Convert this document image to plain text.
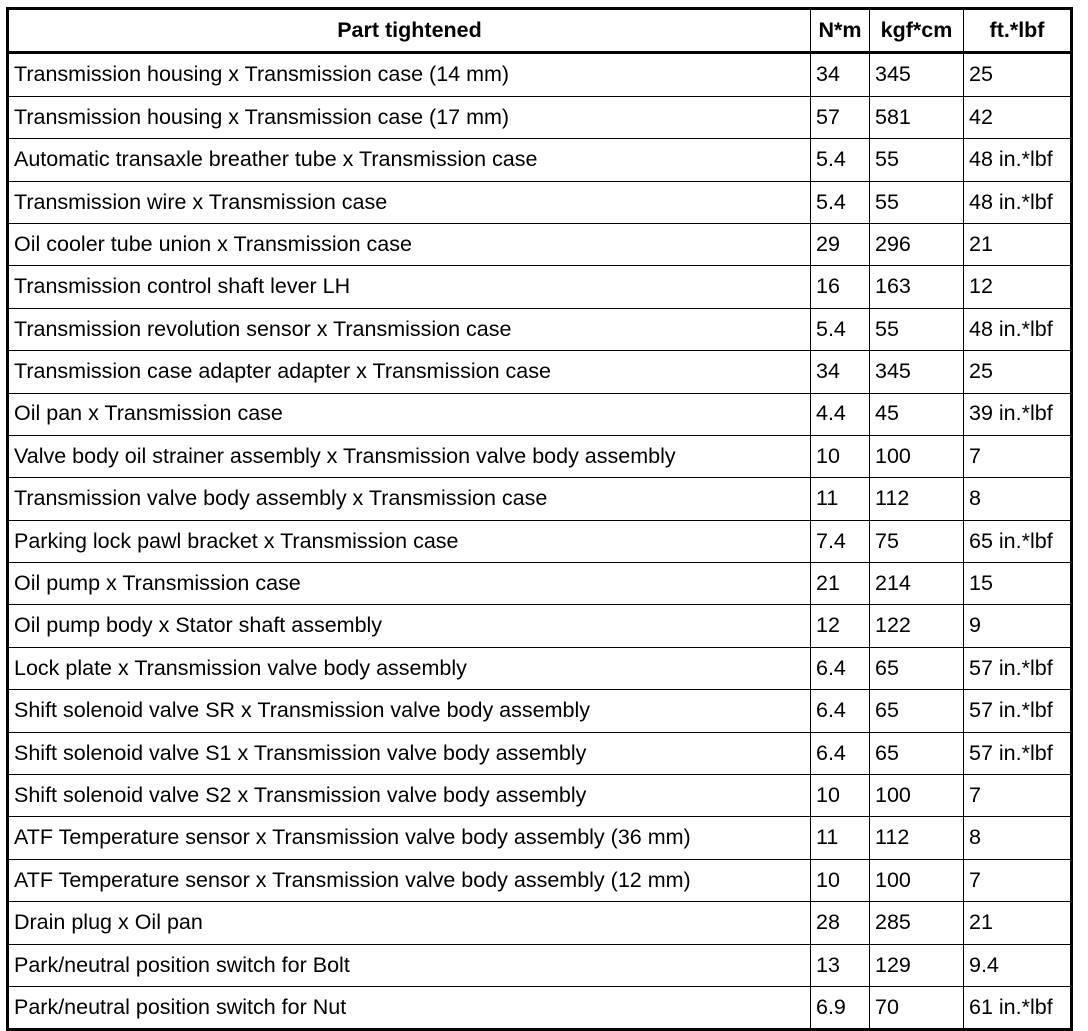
Part tightened	N*m	kgf*cm	ft.*lbf
Transmission housing x Transmission case (14 mm)	34	345	25
Transmission housing x Transmission case (17 mm)	57	581	42
Automatic transaxle breather tube x Transmission case	5.4	55	48 in.*lbf
Transmission wire x Transmission case	5.4	55	48 in.*lbf
Oil cooler tube union x Transmission case	29	296	21
Transmission control shaft lever LH	16	163	12
Transmission revolution sensor x Transmission case	5.4	55	48 in.*lbf
Transmission case adapter adapter x Transmission case	34	345	25
Oil pan x Transmission case	4.4	45	39 in.*lbf
Valve body oil strainer assembly x Transmission valve body assembly	10	100	7
Transmission valve body assembly x Transmission case	11	112	8
Parking lock pawl bracket x Transmission case	7.4	75	65 in.*lbf
Oil pump x Transmission case	21	214	15
Oil pump body x Stator shaft assembly	12	122	9
Lock plate x Transmission valve body assembly	6.4	65	57 in.*lbf
Shift solenoid valve SR x Transmission valve body assembly	6.4	65	57 in.*lbf
Shift solenoid valve S1 x Transmission valve body assembly	6.4	65	57 in.*lbf
Shift solenoid valve S2 x Transmission valve body assembly	10	100	7
ATF Temperature sensor x Transmission valve body assembly (36 mm)	11	112	8
ATF Temperature sensor x Transmission valve body assembly (12 mm)	10	100	7
Drain plug x Oil pan	28	285	21
Park/neutral position switch for Bolt	13	129	9.4
Park/neutral position switch for Nut	6.9	70	61 in.*lbf
